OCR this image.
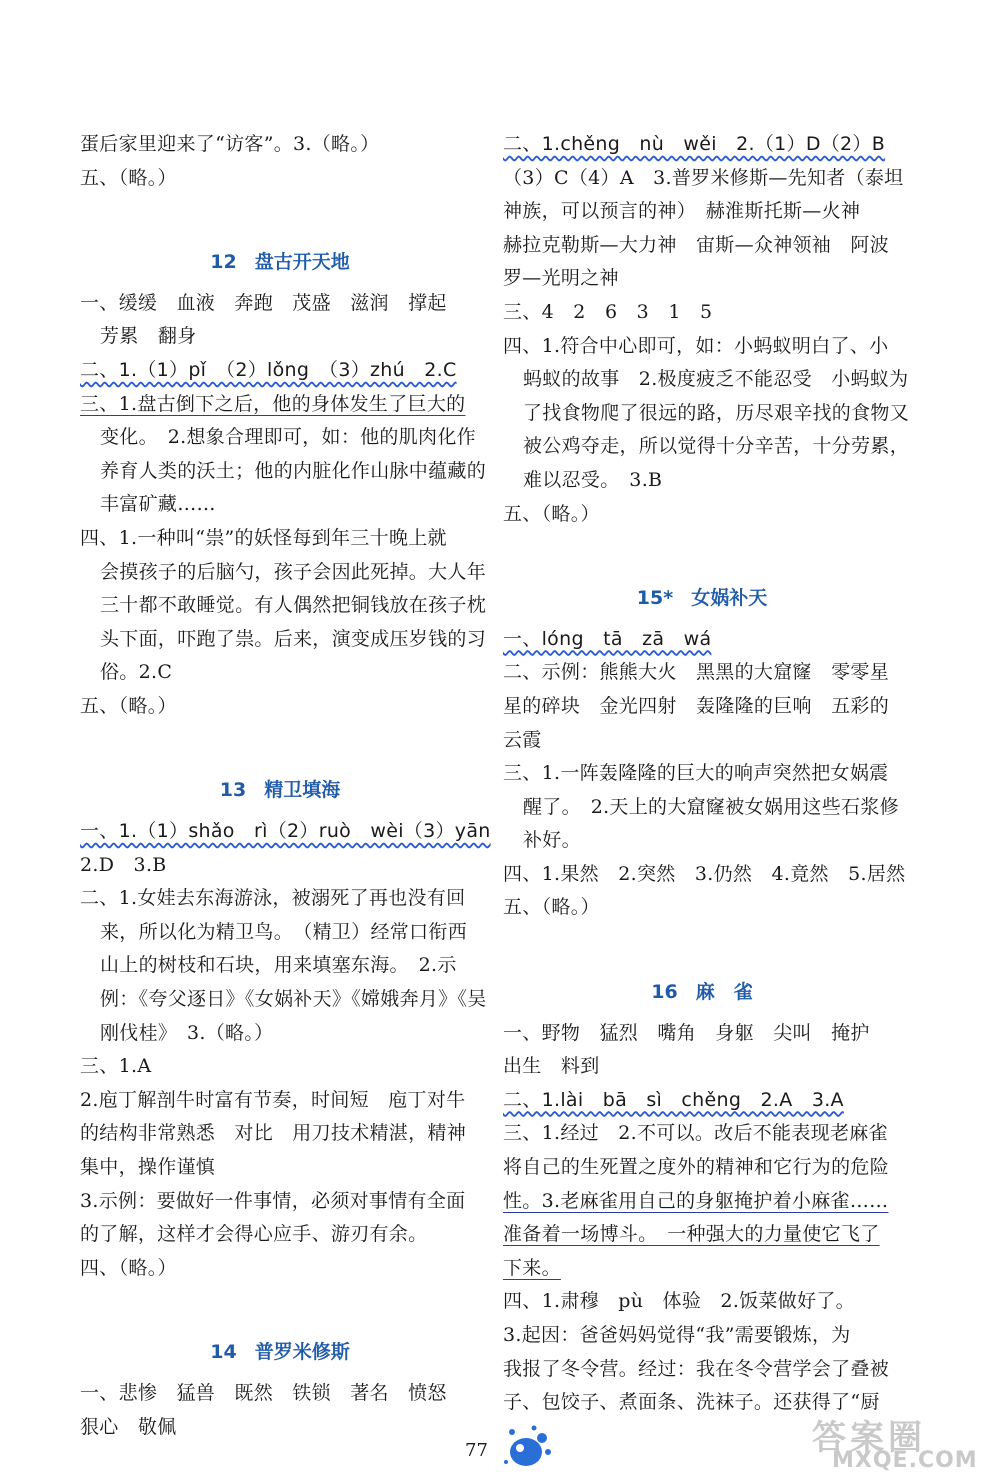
蛋后家里迎来了“访客”。3.（略。）
五、（略。）
12 盘古开天地
一、缓缓　血液　奔跑　茂盛　滋润　撑起
芳累　翻身
二、1.（1）pǐ　（2）lǒng　（3）zhú　2.C
三、1.盘古倒下之后，他的身体发生了巨大的
变化。　2.想象合理即可，如：他的肌肉化作
养育人类的沃土；他的内脏化作山脉中蕴藏的
丰富矿藏……
四、1.一种叫“祟”的妖怪每到年三十晚上就
会摸孩子的后脑勺，孩子会因此死掉。大人年
三十都不敢睡觉。有人偶然把铜钱放在孩子枕
头下面，吓跑了祟。后来，演变成压岁钱的习
俗。2.C
五、（略。）
13 精卫填海
一、1.（1）shǎo　rì（2）ruò　wèi（3）yān
2.D　3.B
二、1.女娃去东海游泳，被溺死了再也没有回
来，所以化为精卫鸟。　（精卫）经常口衔西
山上的树枝和石块，用来填塞东海。　2.示
例：《夸父逐日》《女娲补天》《嫦娥奔月》《吴
刚伐桂》　3.（略。）
三、1.A
2.庖丁解剖牛时富有节奏，时间短　庖丁对牛
的结构非常熟悉　对比　用刀技术精湛，精神
集中，操作谨慎
3.示例：要做好一件事情，必须对事情有全面
的了解，这样才会得心应手、游刃有余。
四、（略。）
14 普罗米修斯
一、悲惨　猛兽　既然　铁锁　著名　愤怒
狠心　敬佩
二、1.chěng　nù　wěi　2.（1）D（2）B
（3）C（4）A　3.普罗米修斯—先知者（泰坦
神族，可以预言的神）　赫淮斯托斯—火神
赫拉克勒斯—大力神　宙斯—众神领袖　阿波
罗—光明之神
三、4　2　6　3　1　5
四、1.符合中心即可，如：小蚂蚁明白了、小
蚂蚁的故事　2.极度疲乏不能忍受　小蚂蚁为
了找食物爬了很远的路，历尽艰辛找的食物又
被公鸡夺走，所以觉得十分辛苦，十分劳累，
难以忍受。　3.B
五、（略。）
15* 女娲补天
一、lóng　tā　zā　wá
二、示例：熊熊大火　黑黑的大窟窿　零零星
星的碎块　金光四射　轰隆隆的巨响　五彩的
云霞
三、1.一阵轰隆隆的巨大的响声突然把女娲震
醒了。　2.天上的大窟窿被女娲用这些石浆修
补好。
四、1.果然　2.突然　3.仍然　4.竟然　5.居然
五、（略。）
16 麻　雀
一、野物　猛烈　嘴角　身躯　尖叫　掩护
出生　料到
二、1.lài　bā　sì　chěng　2.A　3.A
三、1.经过　2.不可以。改后不能表现老麻雀
将自己的生死置之度外的精神和它行为的危险
性。3.老麻雀用自己的身躯掩护着小麻雀……
准备着一场博斗。　一种强大的力量使它飞了
下来。
四、1.肃穆　pù　体验　2.饭菜做好了。
3.起因：爸爸妈妈觉得“我”需要锻炼，为
我报了冬令营。经过：我在冬令营学会了叠被
子、包饺子、煮面条、洗袜子。还获得了“厨
77	答案圈
MXQE.COM
